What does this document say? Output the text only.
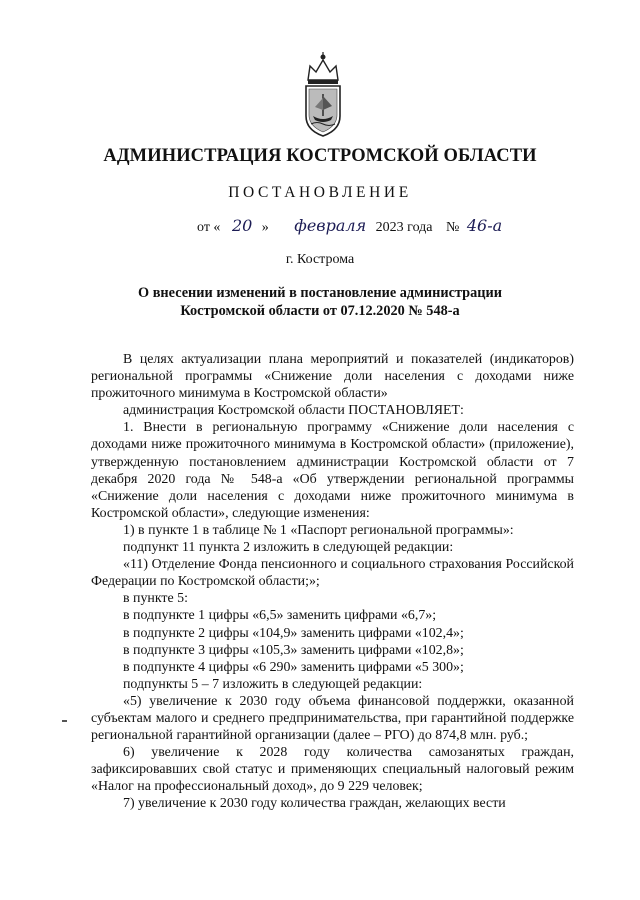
АДМИНИСТРАЦИЯ КОСТРОМСКОЙ ОБЛАСТИ
ПОСТАНОВЛЕНИЕ
от « 20 » февраля 2023 года № 46-а
г. Кострома
О внесении изменений в постановление администрации
Костромской области от 07.12.2020 № 548-а

В целях актуализации плана мероприятий и показателей (индикаторов) региональной программы «Снижение доли населения с доходами ниже прожиточного минимума в Костромской области»

администрация Костромской области ПОСТАНОВЛЯЕТ:

1. Внести в региональную программу «Снижение доли населения с доходами ниже прожиточного минимума в Костромской области» (приложение), утвержденную постановлением администрации Костромской области от 7 декабря 2020 года № 548-а «Об утверждении региональной программы «Снижение доли населения с доходами ниже прожиточного минимума в Костромской области», следующие изменения:

1) в пункте 1 в таблице № 1 «Паспорт региональной программы»:

подпункт 11 пункта 2 изложить в следующей редакции:

«11) Отделение Фонда пенсионного и социального страхования Российской Федерации по Костромской области;»;

в пункте 5:

в подпункте 1 цифры «6,5» заменить цифрами «6,7»;

в подпункте 2 цифры «104,9» заменить цифрами «102,4»;

в подпункте 3 цифры «105,3» заменить цифрами «102,8»;

в подпункте 4 цифры «6 290» заменить цифрами «5 300»;

подпункты 5 – 7 изложить в следующей редакции:

«5) увеличение к 2030 году объема финансовой поддержки, оказанной субъектам малого и среднего предпринимательства, при гарантийной поддержке региональной гарантийной организации (далее – РГО) до 874,8 млн. руб.;

6) увеличение к 2028 году количества самозанятых граждан, зафиксировавших свой статус и применяющих специальный налоговый режим «Налог на профессиональный доход», до 9 229 человек;

7) увеличение к 2030 году количества граждан, желающих вести
